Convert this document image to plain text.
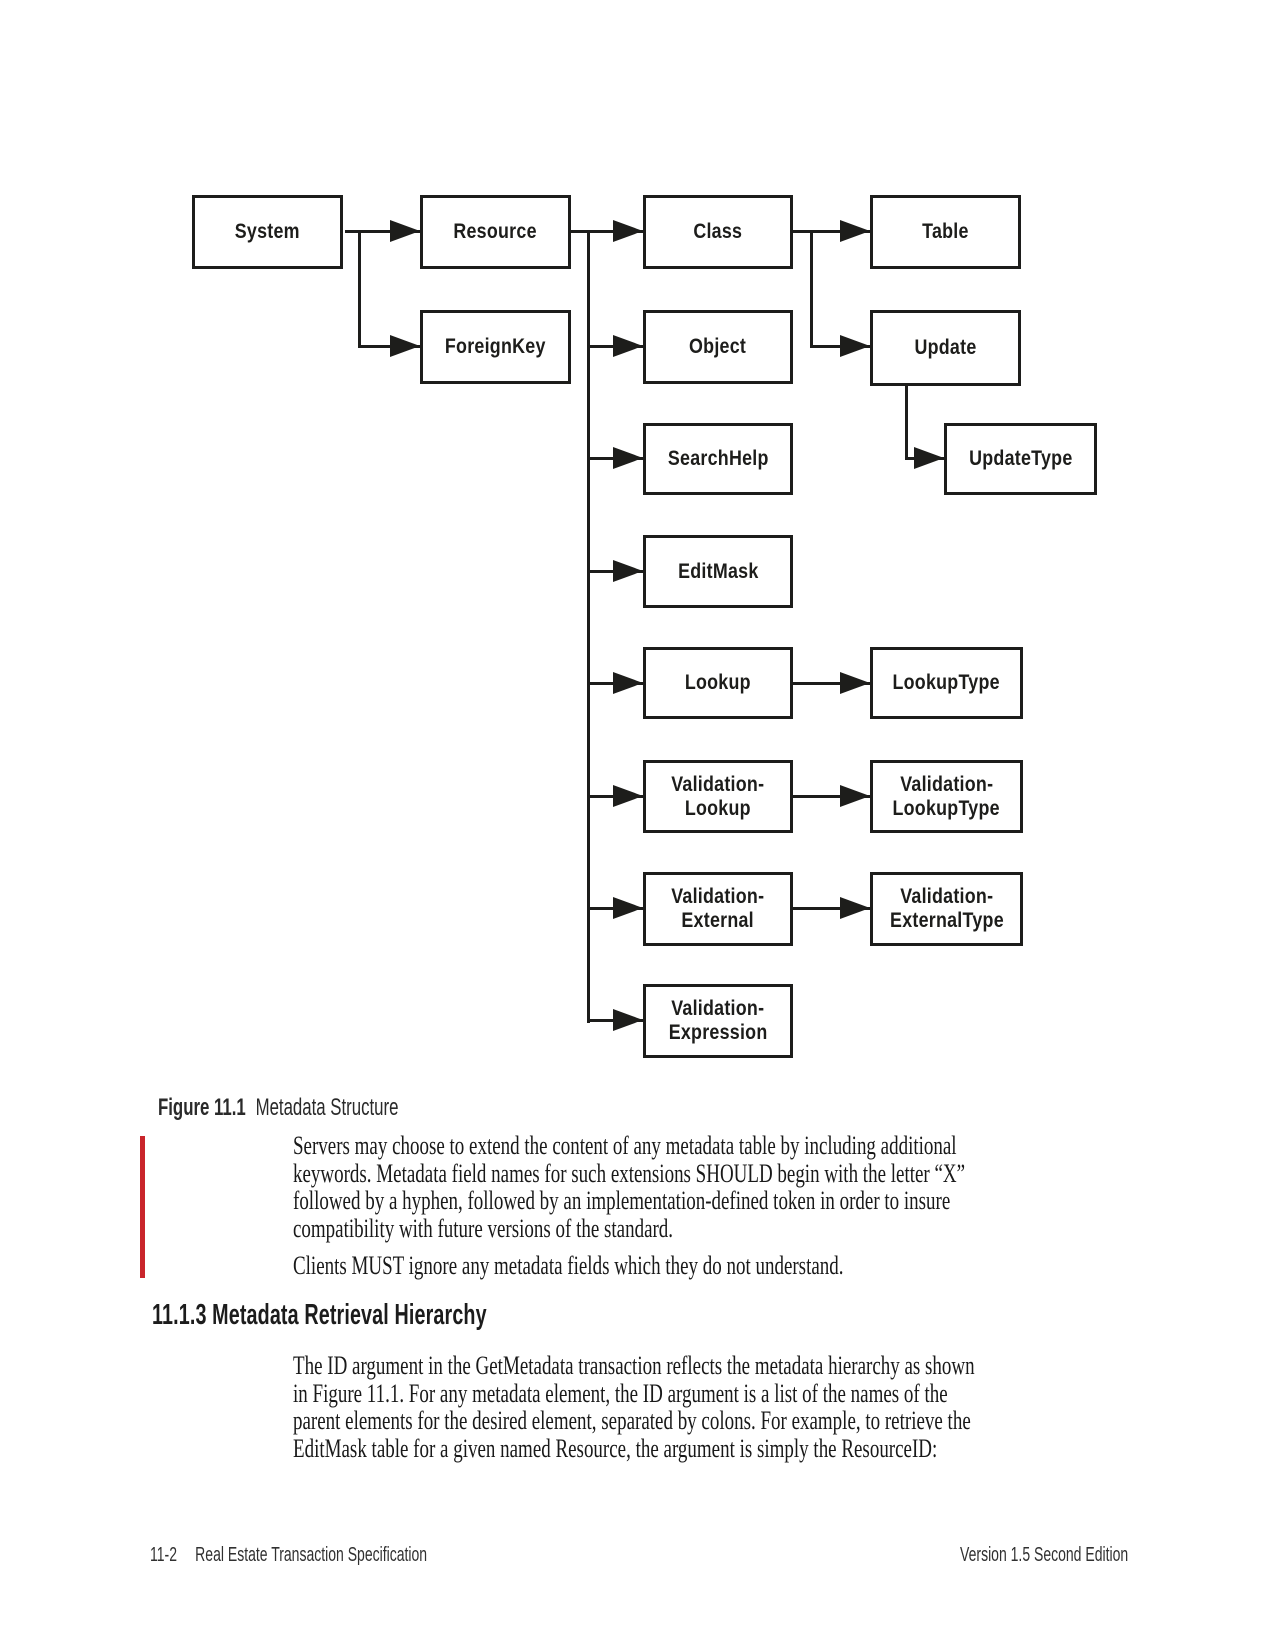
System	Resource
ForeignKey
Class
Object
SearchHelp
EditMask
Lookup
Validation-
Lookup
Validation-
External
Validation-
Expression
Table
Update
UpdateType
LookupType
Validation-
LookupType
Validation-
ExternalType
Figure 11.1 Metadata Structure
Servers may choose to extend the content of any metadata table by including additional
keywords. Metadata field names for such extensions SHOULD begin with the letter “X”
followed by a hyphen, followed by an implementation-defined token in order to insure
compatibility with future versions of the standard.
Clients MUST ignore any metadata fields which they do not understand.
11.1.3 Metadata Retrieval Hierarchy
The ID argument in the GetMetadata transaction reflects the metadata hierarchy as shown
in Figure 11.1. For any metadata element, the ID argument is a list of the names of the
parent elements for the desired element, separated by colons. For example, to retrieve the
EditMask table for a given named Resource, the argument is simply the ResourceID:
11-2 Real Estate Transaction Specification	Version 1.5 Second Edition
